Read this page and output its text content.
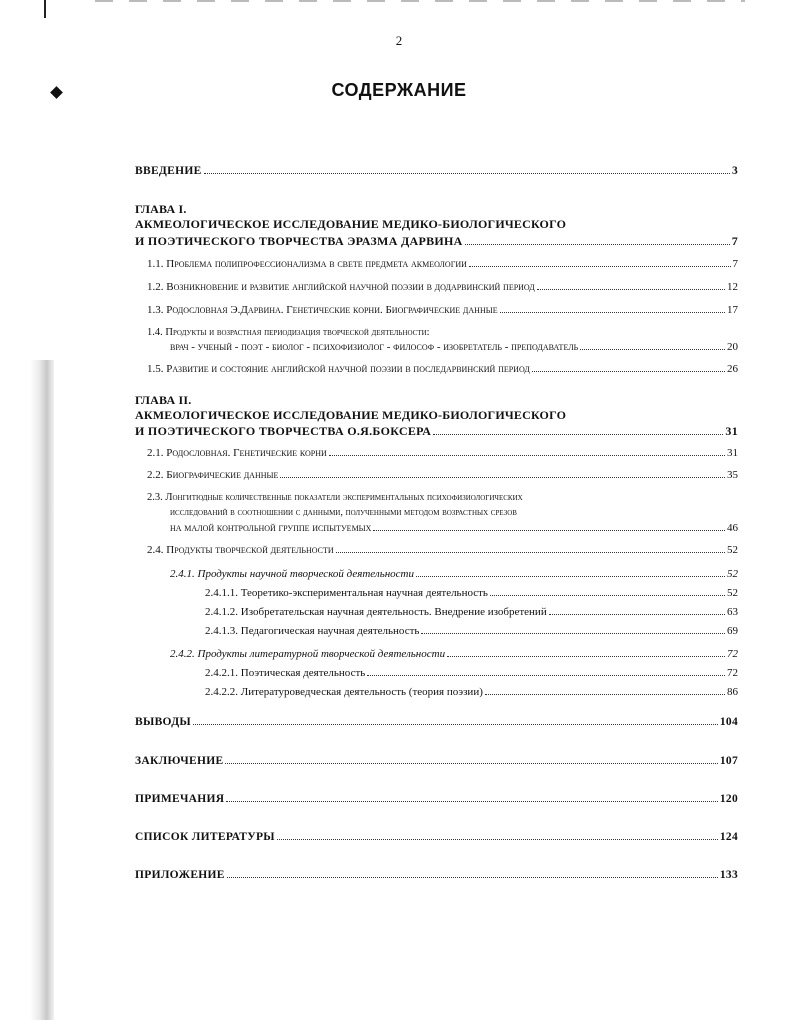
2
СОДЕРЖАНИЕ
ВВЕДЕНИЕ	3
ГЛАВА I.
АКМЕОЛОГИЧЕСКОЕ ИССЛЕДОВАНИЕ МЕДИКО-БИОЛОГИЧЕСКОГО
И ПОЭТИЧЕСКОГО ТВОРЧЕСТВА ЭРАЗМА ДАРВИНА	7
1.1. Проблема полипрофессионализма в свете предмета акмеологии	7
1.2. Возникновение и развитие английской научной поэзии в додарвинский период	12
1.3. Родословная Э.Дарвина. Генетические корни. Биографические данные	17
1.4. Продукты и возрастная периодизация творческой деятельности:
врач - ученый - поэт - биолог - психофизиолог - философ - изобретатель - преподаватель	20
1.5. Развитие и состояние английской научной поэзии в последарвинский период	26
ГЛАВА II.
АКМЕОЛОГИЧЕСКОЕ ИССЛЕДОВАНИЕ МЕДИКО-БИОЛОГИЧЕСКОГО
И ПОЭТИЧЕСКОГО ТВОРЧЕСТВА О.Я.БОКСЕРА	31
2.1. Родословная. Генетические корни	31
2.2. Биографические данные	35
2.3. Лонгитюдные количественные показатели экспериментальных психофизиологических
исследований в соотношении с данными, полученными методом возрастных срезов
на малой контрольной группе испытуемых	46
2.4. Продукты творческой деятельности	52
2.4.1. Продукты научной творческой деятельности	52
2.4.1.1. Теоретико-экспериментальная научная деятельность	52
2.4.1.2. Изобретательская научная деятельность. Внедрение изобретений	63
2.4.1.3. Педагогическая научная деятельность	69
2.4.2. Продукты литературной творческой деятельности	72
2.4.2.1. Поэтическая деятельность	72
2.4.2.2. Литературоведческая деятельность (теория поэзии)	86
ВЫВОДЫ	104
ЗАКЛЮЧЕНИЕ	107
ПРИМЕЧАНИЯ	120
СПИСОК ЛИТЕРАТУРЫ	124
ПРИЛОЖЕНИЕ	133
